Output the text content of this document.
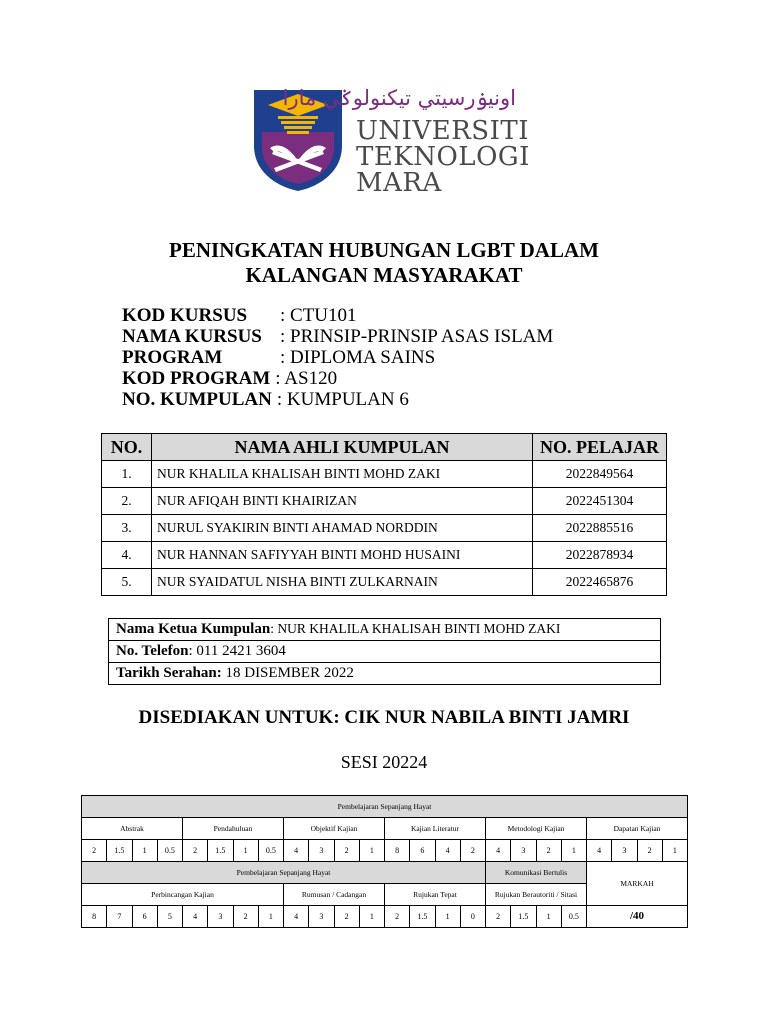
اونيۏرسيتي تيكنولوݢي مارا
UNIVERSITI
TEKNOLOGI
MARA
PENINGKATAN HUBUNGAN LGBT DALAM
KALANGAN MASYARAKAT
KOD KURSUS	: CTU101
NAMA KURSUS : PRINSIP-PRINSIP ASAS ISLAM
PROGRAM	: DIPLOMA SAINS
KOD PROGRAM : AS120
NO. KUMPULAN : KUMPULAN 6
NO.	NAMA AHLI KUMPULAN	NO. PELAJAR
1.	NUR KHALILA KHALISAH BINTI MOHD ZAKI	2022849564
2.	NUR AFIQAH BINTI KHAIRIZAN	2022451304
3.	NURUL SYAKIRIN BINTI AHAMAD NORDDIN	2022885516
4.	NUR HANNAN SAFIYYAH BINTI MOHD HUSAINI	2022878934
5.	NUR SYAIDATUL NISHA BINTI ZULKARNAIN	2022465876
Nama Ketua Kumpulan: NUR KHALILA KHALISAH BINTI MOHD ZAKI
No. Telefon: 011 2421 3604
Tarikh Serahan: 18 DISEMBER 2022
DISEDIAKAN UNTUK: CIK NUR NABILA BINTI JAMRI
SESI 20224
Pembelajaran Sepanjang Hayat																							
Abstrak				Pendahuluan				Objektif Kajian				Kajian Literatur				Metodologi Kajian				Dapatan Kajian			
2	1.5	1	0.5	2	1.5	1	0.5	4	3	2	1	8	6	4	2	4	3	2	1	4	3	2	1
Pembelajaran Sepanjang Hayat																Komunikasi Bertulis				MARKAH			
Perbincangan Kajian								Rumusan / Cadangan				Rujukan Tepat				Rujukan Berautoriti / Sitasi							
8	7	6	5	4	3	2	1	4	3	2	1	2	1.5	1	0	2	1.5	1	0.5	/40			
